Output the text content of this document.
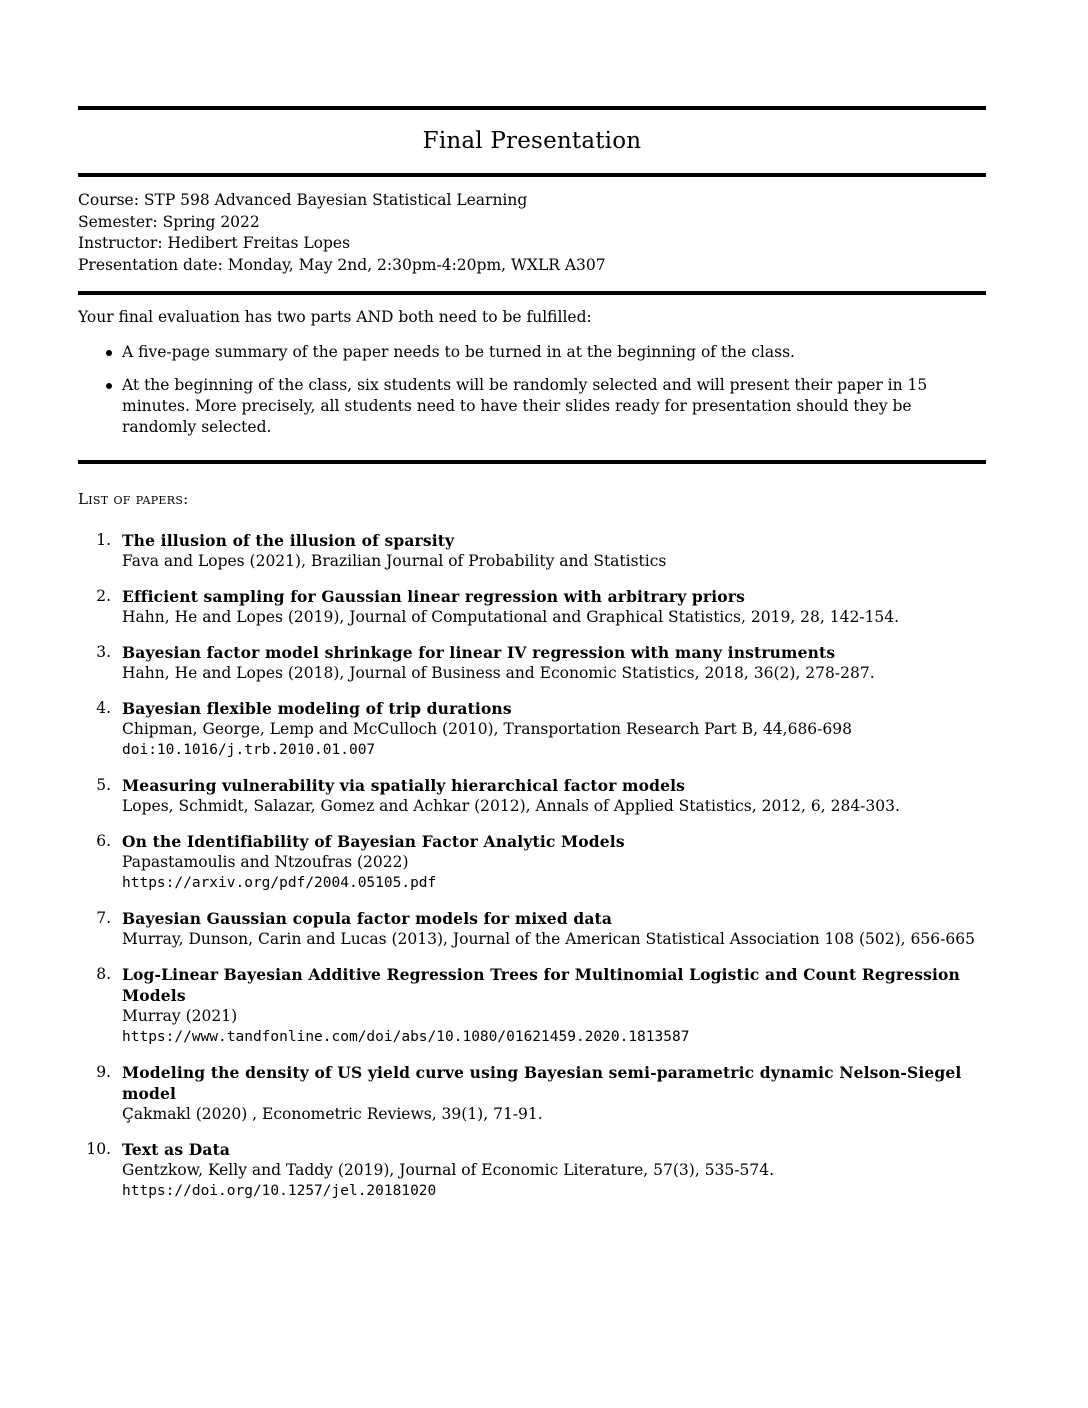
Final Presentation
Course: STP 598 Advanced Bayesian Statistical Learning
Semester: Spring 2022
Instructor: Hedibert Freitas Lopes
Presentation date: Monday, May 2nd, 2:30pm-4:20pm, WXLR A307
Your final evaluation has two parts AND both need to be fulfilled:
A five-page summary of the paper needs to be turned in at the beginning of the class.
At the beginning of the class, six students will be randomly selected and will present their paper in 15 minutes. More precisely, all students need to have their slides ready for presentation should they be randomly selected.
List of papers:
1. The illusion of the illusion of sparsity
Fava and Lopes (2021), Brazilian Journal of Probability and Statistics
2. Efficient sampling for Gaussian linear regression with arbitrary priors
Hahn, He and Lopes (2019), Journal of Computational and Graphical Statistics, 2019, 28, 142-154.
3. Bayesian factor model shrinkage for linear IV regression with many instruments
Hahn, He and Lopes (2018), Journal of Business and Economic Statistics, 2018, 36(2), 278-287.
4. Bayesian flexible modeling of trip durations
Chipman, George, Lemp and McCulloch (2010), Transportation Research Part B, 44,686-698
doi:10.1016/j.trb.2010.01.007
5. Measuring vulnerability via spatially hierarchical factor models
Lopes, Schmidt, Salazar, Gomez and Achkar (2012), Annals of Applied Statistics, 2012, 6, 284-303.
6. On the Identifiability of Bayesian Factor Analytic Models
Papastamoulis and Ntzoufras (2022)
https://arxiv.org/pdf/2004.05105.pdf
7. Bayesian Gaussian copula factor models for mixed data
Murray, Dunson, Carin and Lucas (2013), Journal of the American Statistical Association 108 (502), 656-665
8. Log-Linear Bayesian Additive Regression Trees for Multinomial Logistic and Count Regression Models
Murray (2021)
https://www.tandfonline.com/doi/abs/10.1080/01621459.2020.1813587
9. Modeling the density of US yield curve using Bayesian semi-parametric dynamic Nelson-Siegel model
Çakmakl (2020) , Econometric Reviews, 39(1), 71-91.
10. Text as Data
Gentzkow, Kelly and Taddy (2019), Journal of Economic Literature, 57(3), 535-574.
https://doi.org/10.1257/jel.20181020
